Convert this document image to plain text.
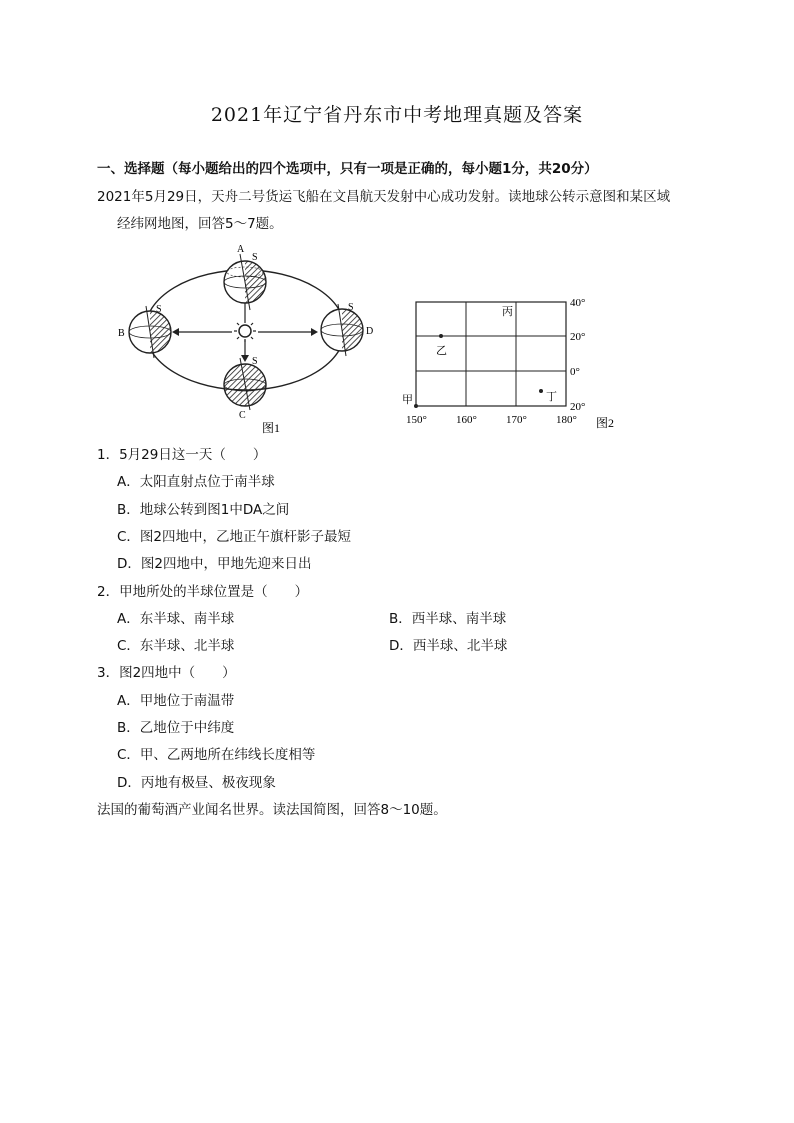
2021年辽宁省丹东市中考地理真题及答案
一、选择题（每小题给出的四个选项中，只有一项是正确的，每小题1分，共20分）
2021年5月29日，天舟二号货运飞船在文昌航天发射中心成功发射。读地球公转示意图和某区域
经纬网地图，回答5～7题。
S
A
S
B
S
C
S
D
图1
40°
20°
0°
20°
150°	160°	170°	180°
甲
乙
丙
丁
图2
1．5月29日这一天（　　）
A．太阳直射点位于南半球
B．地球公转到图1中DA之间
C．图2四地中，乙地正午旗杆影子最短
D．图2四地中，甲地先迎来日出
2．甲地所处的半球位置是（　　）
A．东半球、南半球	B．西半球、南半球
C．东半球、北半球	D．西半球、北半球
3．图2四地中（　　）
A．甲地位于南温带
B．乙地位于中纬度
C．甲、乙两地所在纬线长度相等
D．丙地有极昼、极夜现象
法国的葡萄酒产业闻名世界。读法国简图，回答8～10题。
